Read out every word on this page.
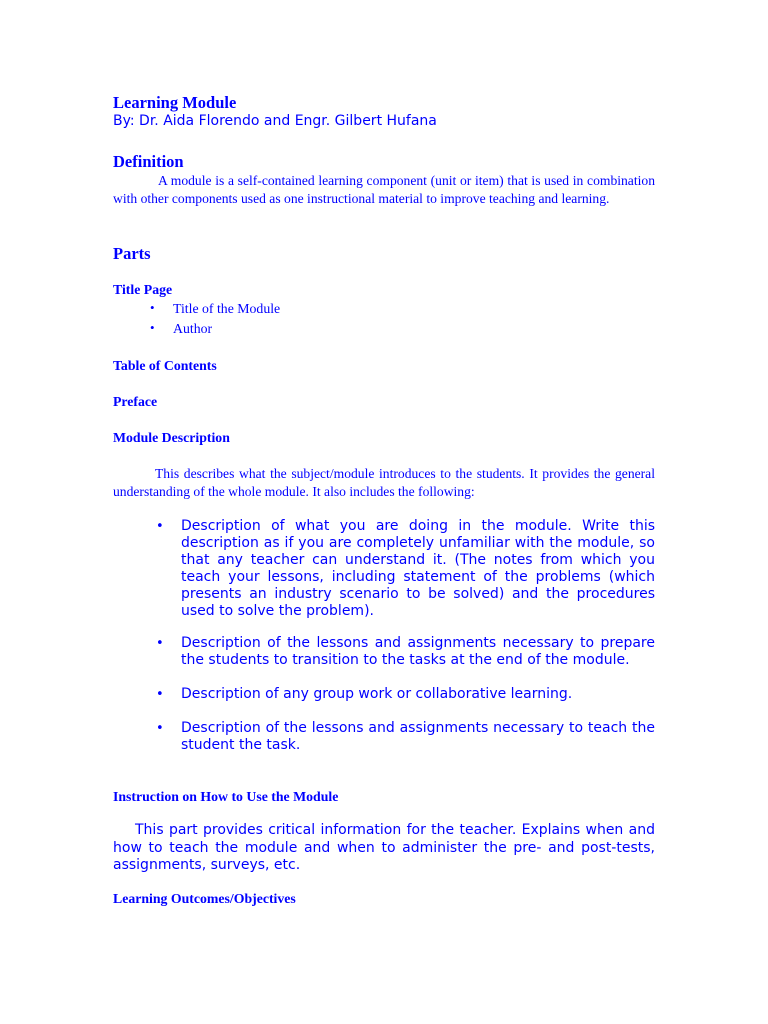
Learning Module
By: Dr. Aida Florendo and Engr. Gilbert Hufana
Definition

A module is a self-contained learning component (unit or item) that is used in combination with other components used as one instructional material to improve teaching and learning.

Parts
Title Page
• Title of the Module
• Author
Table of Contents
Preface
Module Description

This describes what the subject/module introduces to the students. It provides the general understanding of the whole module. It also includes the following:

• Description of what you are doing in the module. Write this description as if you are completely unfamiliar with the module, so that any teacher can understand it. (The notes from which you teach your lessons, including statement of the problems (which presents an industry scenario to be solved) and the procedures used to solve the problem).
• Description of the lessons and assignments necessary to prepare the students to transition to the tasks at the end of the module.
• Description of any group work or collaborative learning.
• Description of the lessons and assignments necessary to teach the student the task.
Instruction on How to Use the Module

This part provides critical information for the teacher. Explains when and how to teach the module and when to administer the pre- and post-tests, assignments, surveys, etc.

Learning Outcomes/Objectives
